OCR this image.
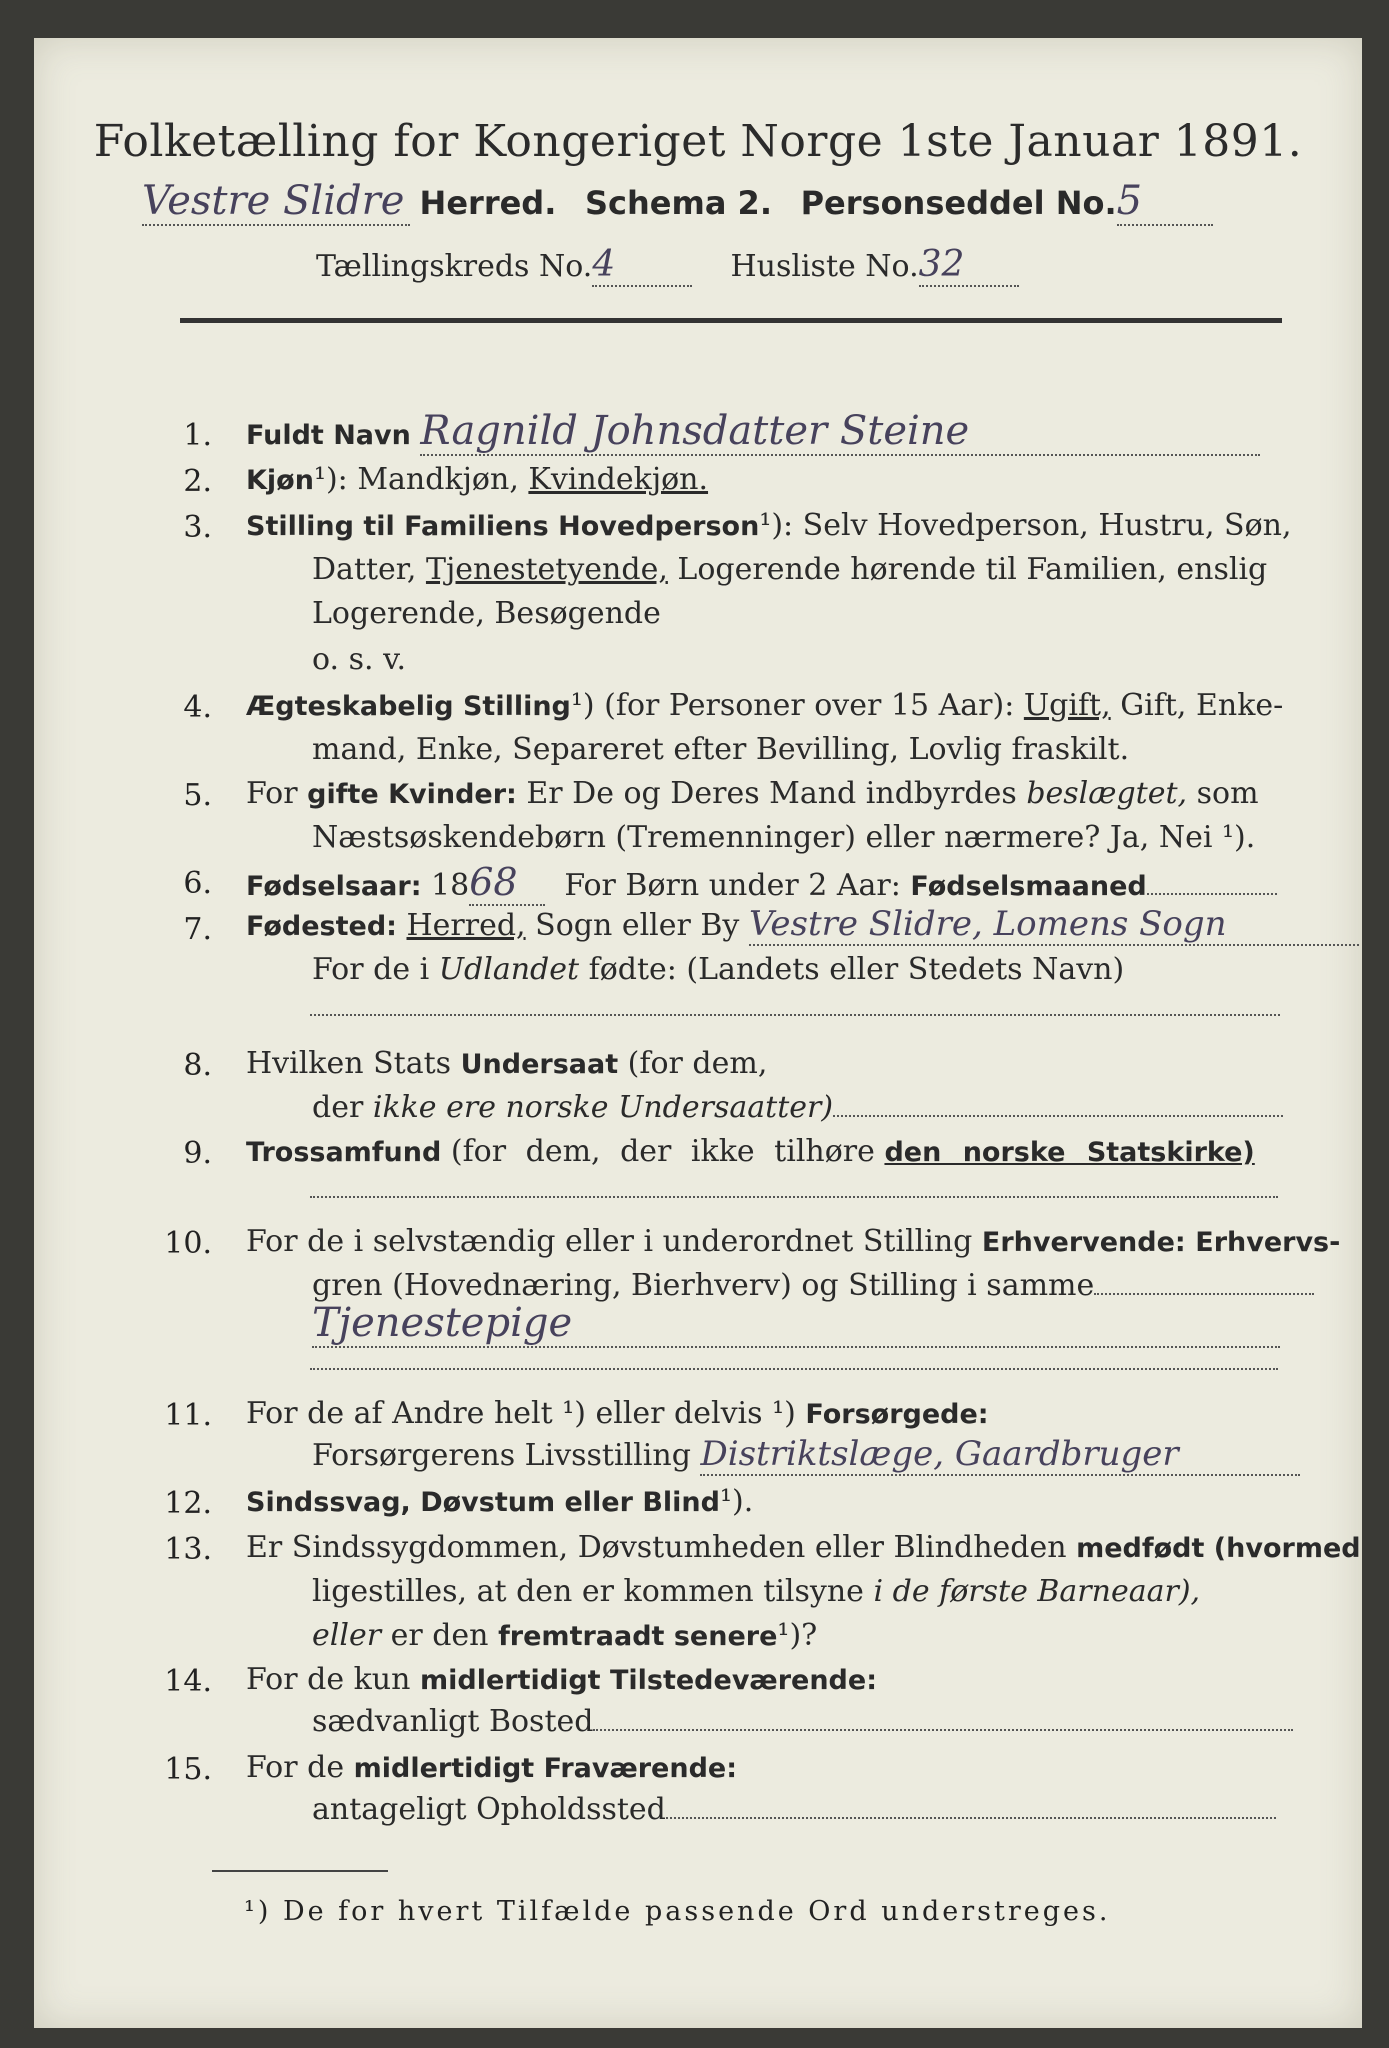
Folketælling for Kongeriget Norge 1ste Januar 1891.
Vestre Slidre Herred. Schema 2. Personseddel No.5
Tællingskreds No.4	Husliste No.32
1. Fuldt Navn Ragnild Johnsdatter Steine
2. Kjøn¹): Mandkjøn, Kvindekjøn.
3. Stilling til Familiens Hovedperson¹): Selv Hovedperson, Hustru, Søn,
Datter, Tjenestetyende, Logerende hørende til Familien, enslig
Logerende, Besøgende
o. s. v.
4. Ægteskabelig Stilling¹) (for Personer over 15 Aar): Ugift, Gift, Enke-
mand, Enke, Separeret efter Bevilling, Lovlig fraskilt.
5. For gifte Kvinder: Er De og Deres Mand indbyrdes beslægtet, som
Næstsøskendebørn (Tremenninger) eller nærmere? Ja, Nei ¹).
6. Fødselsaar: 1868 For Børn under 2 Aar: Fødselsmaaned
7. Fødested: Herred, Sogn eller By Vestre Slidre, Lomens Sogn
For de i Udlandet fødte: (Landets eller Stedets Navn)
8. Hvilken Stats Undersaat (for dem,
der ikke ere norske Undersaatter)
9. Trossamfund (for dem, der ikke tilhøre den norske Statskirke)
10. For de i selvstændig eller i underordnet Stilling Erhvervende: Erhvervs-
gren (Hovednæring, Bierhverv) og Stilling i samme
Tjenestepige
11. For de af Andre helt ¹) eller delvis ¹) Forsørgede:
Forsørgerens Livsstilling Distriktslæge, Gaardbruger
12. Sindssvag, Døvstum eller Blind¹).
13. Er Sindssygdommen, Døvstumheden eller Blindheden medfødt (hvormed
ligestilles, at den er kommen tilsyne i de første Barneaar),
eller er den fremtraadt senere¹)?
14. For de kun midlertidigt Tilstedeværende:
sædvanligt Bosted
15. For de midlertidigt Fraværende:
antageligt Opholdssted
¹) De for hvert Tilfælde passende Ord understreges.
